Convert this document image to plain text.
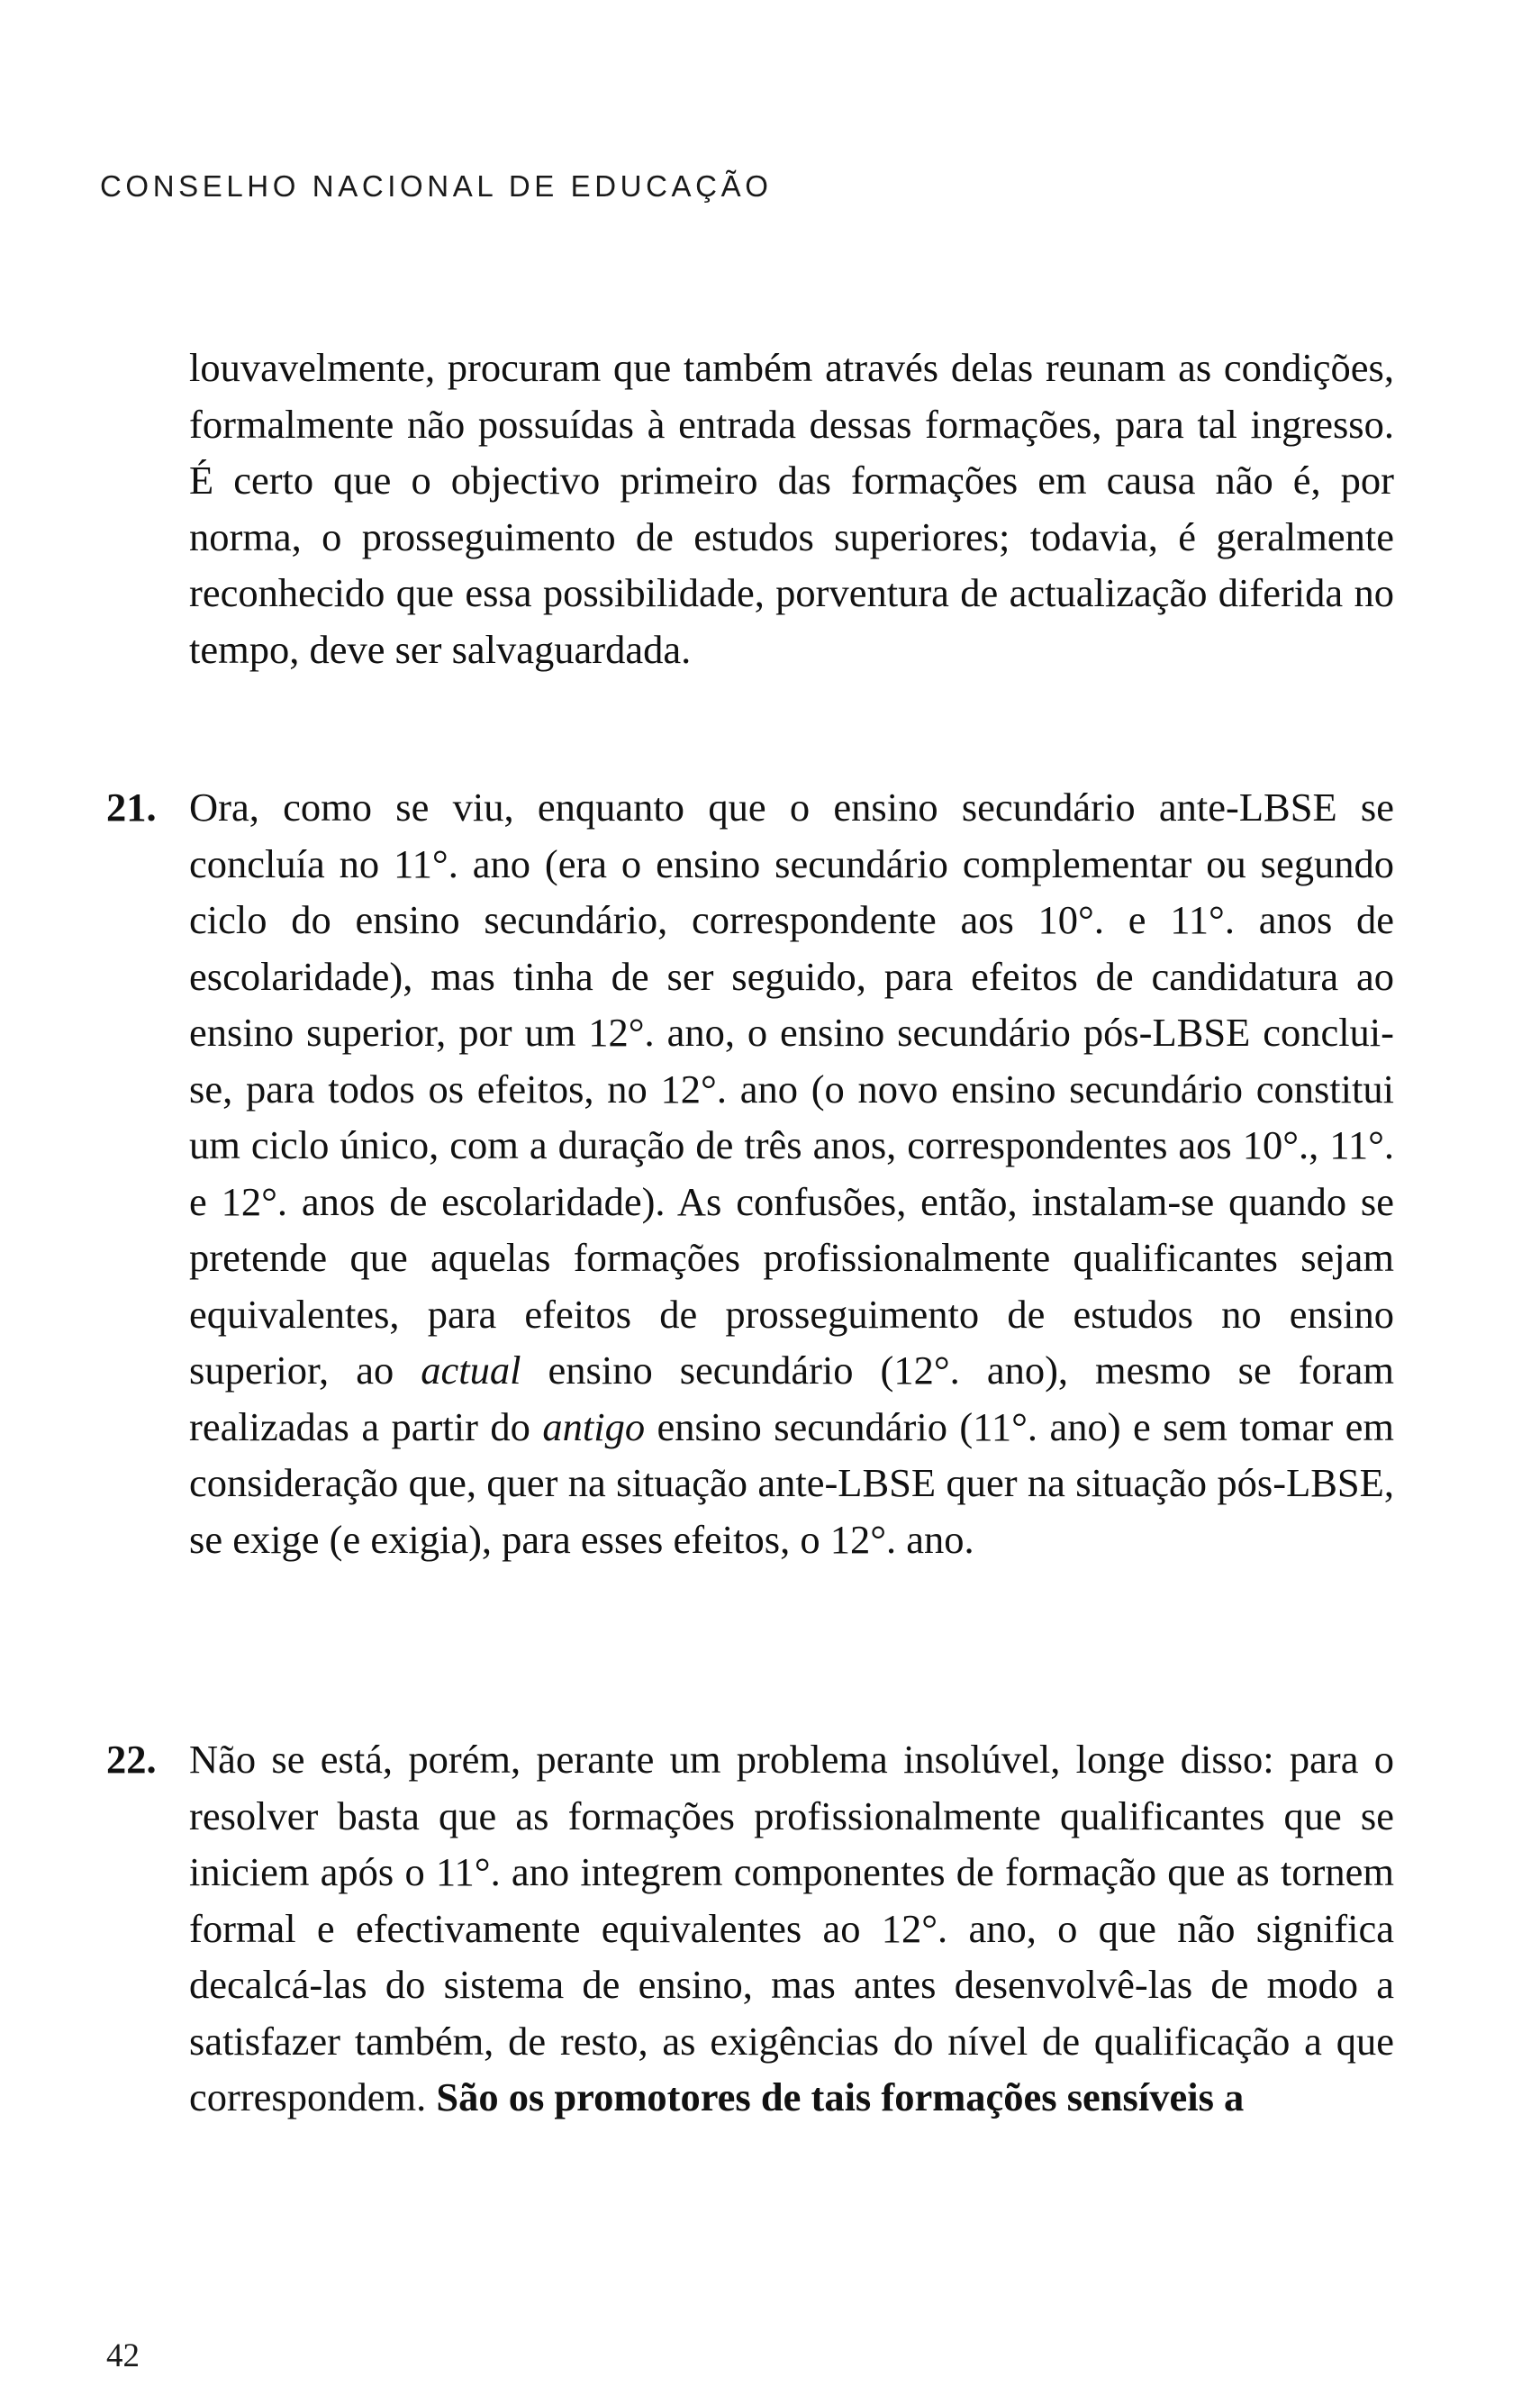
CONSELHO NACIONAL DE EDUCAÇÃO

louvavelmente, procuram que também através delas reunam as condições, formalmente não possuídas à entrada dessas formações, para tal ingresso. É certo que o objectivo primeiro das formações em causa não é, por norma, o prosseguimento de estudos superiores; todavia, é geralmente reconhecido que essa possibilidade, porventura de actualização diferida no tempo, deve ser salvaguardada.

21. Ora, como se viu, enquanto que o ensino secundário ante-LBSE se concluía no 11°. ano (era o ensino secundário complementar ou segundo ciclo do ensino secundário, correspondente aos 10°. e 11°. anos de escolaridade), mas tinha de ser seguido, para efeitos de candidatura ao ensino superior, por um 12°. ano, o ensino secundário pós-LBSE conclui-se, para todos os efeitos, no 12°. ano (o novo ensino secundário constitui um ciclo único, com a duração de três anos, correspondentes aos 10°., 11°. e 12°. anos de escolaridade). As confusões, então, instalam-se quando se pretende que aquelas formações profissionalmente qualificantes sejam equivalentes, para efeitos de prosseguimento de estudos no ensino superior, ao actual ensino secundário (12°. ano), mesmo se foram realizadas a partir do antigo ensino secundário (11°. ano) e sem tomar em consideração que, quer na situação ante-LBSE quer na situação pós-LBSE, se exige (e exigia), para esses efeitos, o 12°. ano.

22. Não se está, porém, perante um problema insolúvel, longe disso: para o resolver basta que as formações profissionalmente qualificantes que se iniciem após o 11°. ano integrem componentes de formação que as tornem formal e efectivamente equivalentes ao 12°. ano, o que não significa decalcá-las do sistema de ensino, mas antes desenvolvê-las de modo a satisfazer também, de resto, as exigências do nível de qualificação a que correspondem. São os promotores de tais formações sensíveis a

42
